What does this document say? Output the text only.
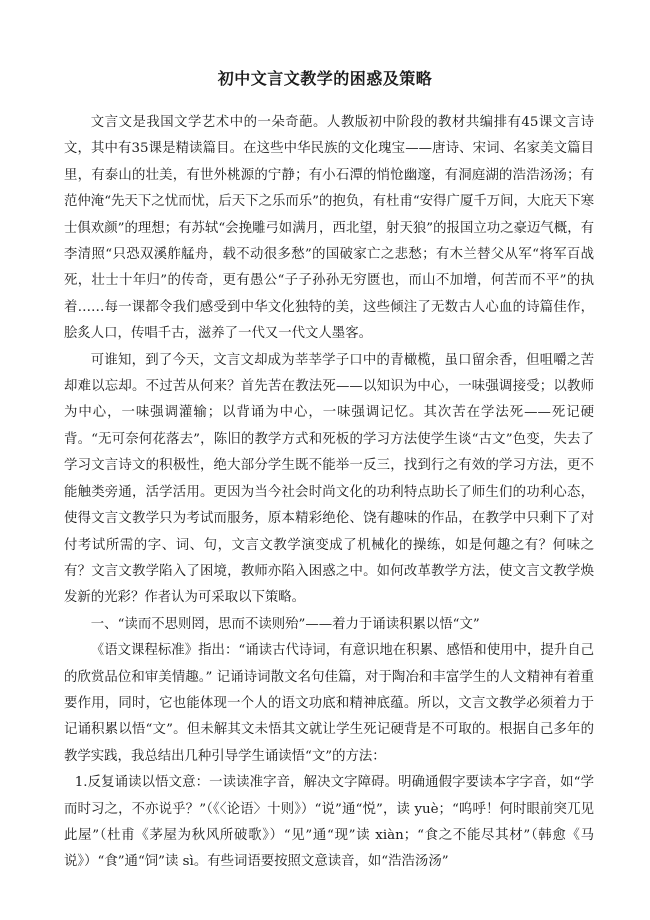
初中文言文教学的困惑及策略

文言文是我国文学艺术中的一朵奇葩。人教版初中阶段的教材共编排有45课文言诗文，其中有35课是精读篇目。在这些中华民族的文化瑰宝——唐诗、宋词、名家美文篇目里，有泰山的壮美，有世外桃源的宁静；有小石潭的悄怆幽邃，有洞庭湖的浩浩汤汤；有范仲淹“先天下之忧而忧，后天下之乐而乐”的抱负，有杜甫“安得广厦千万间，大庇天下寒士俱欢颜”的理想；有苏轼“会挽雕弓如满月，西北望，射天狼”的报国立功之豪迈气概，有李清照“只恐双溪舴艋舟，载不动很多愁”的国破家亡之悲愁；有木兰替父从军“将军百战死，壮士十年归”的传奇，更有愚公“子子孙孙无穷匮也，而山不加增，何苦而不平”的执着……每一课都令我们感受到中华文化独特的美，这些倾注了无数古人心血的诗篇佳作，脍炙人口，传唱千古，滋养了一代又一代文人墨客。

可谁知，到了今天，文言文却成为莘莘学子口中的青橄榄，虽口留余香，但咀嚼之苦却难以忘却。不过苦从何来？首先苦在教法死——以知识为中心，一味强调接受；以教师为中心，一味强调灌输；以背诵为中心，一味强调记忆。其次苦在学法死——死记硬背。“无可奈何花落去”，陈旧的教学方式和死板的学习方法使学生谈“古文”色变，失去了学习文言诗文的积极性，绝大部分学生既不能举一反三，找到行之有效的学习方法，更不能触类旁通，活学活用。更因为当今社会时尚文化的功利特点助长了师生们的功利心态，使得文言文教学只为考试而服务，原本精彩绝伦、饶有趣味的作品，在教学中只剩下了对付考试所需的字、词、句，文言文教学演变成了机械化的操练，如是何趣之有？何味之有？文言文教学陷入了困境，教师亦陷入困惑之中。如何改革教学方法，使文言文教学焕发新的光彩？作者认为可采取以下策略。

一、“读而不思则罔，思而不读则殆”——着力于诵读积累以悟“文”

《语文课程标准》指出：“诵读古代诗词，有意识地在积累、感悟和使用中，提升自己的欣赏品位和审美情趣。” 记诵诗词散文名句佳篇，对于陶冶和丰富学生的人文精神有着重要作用，同时，它也能体现一个人的语文功底和精神底蕴。所以，文言文教学必须着力于记诵积累以悟“文”。但未解其文未悟其文就让学生死记硬背是不可取的。根据自己多年的教学实践，我总结出几种引导学生诵读悟“文”的方法：

1.反复诵读以悟文意：一读读准字音，解决文字障碍。明确通假字要读本字字音，如“学而时习之，不亦说乎？”（《〈论语〉十则》）“说”通“悦”，读 yuè；“呜呼！何时眼前突兀见此屋”（杜甫《茅屋为秋风所破歌》）“见”通“现”读 xiàn；“食之不能尽其材”（韩愈《马说》）“食”通“饲”读 sì。有些词语要按照文意读音，如“浩浩汤汤”
